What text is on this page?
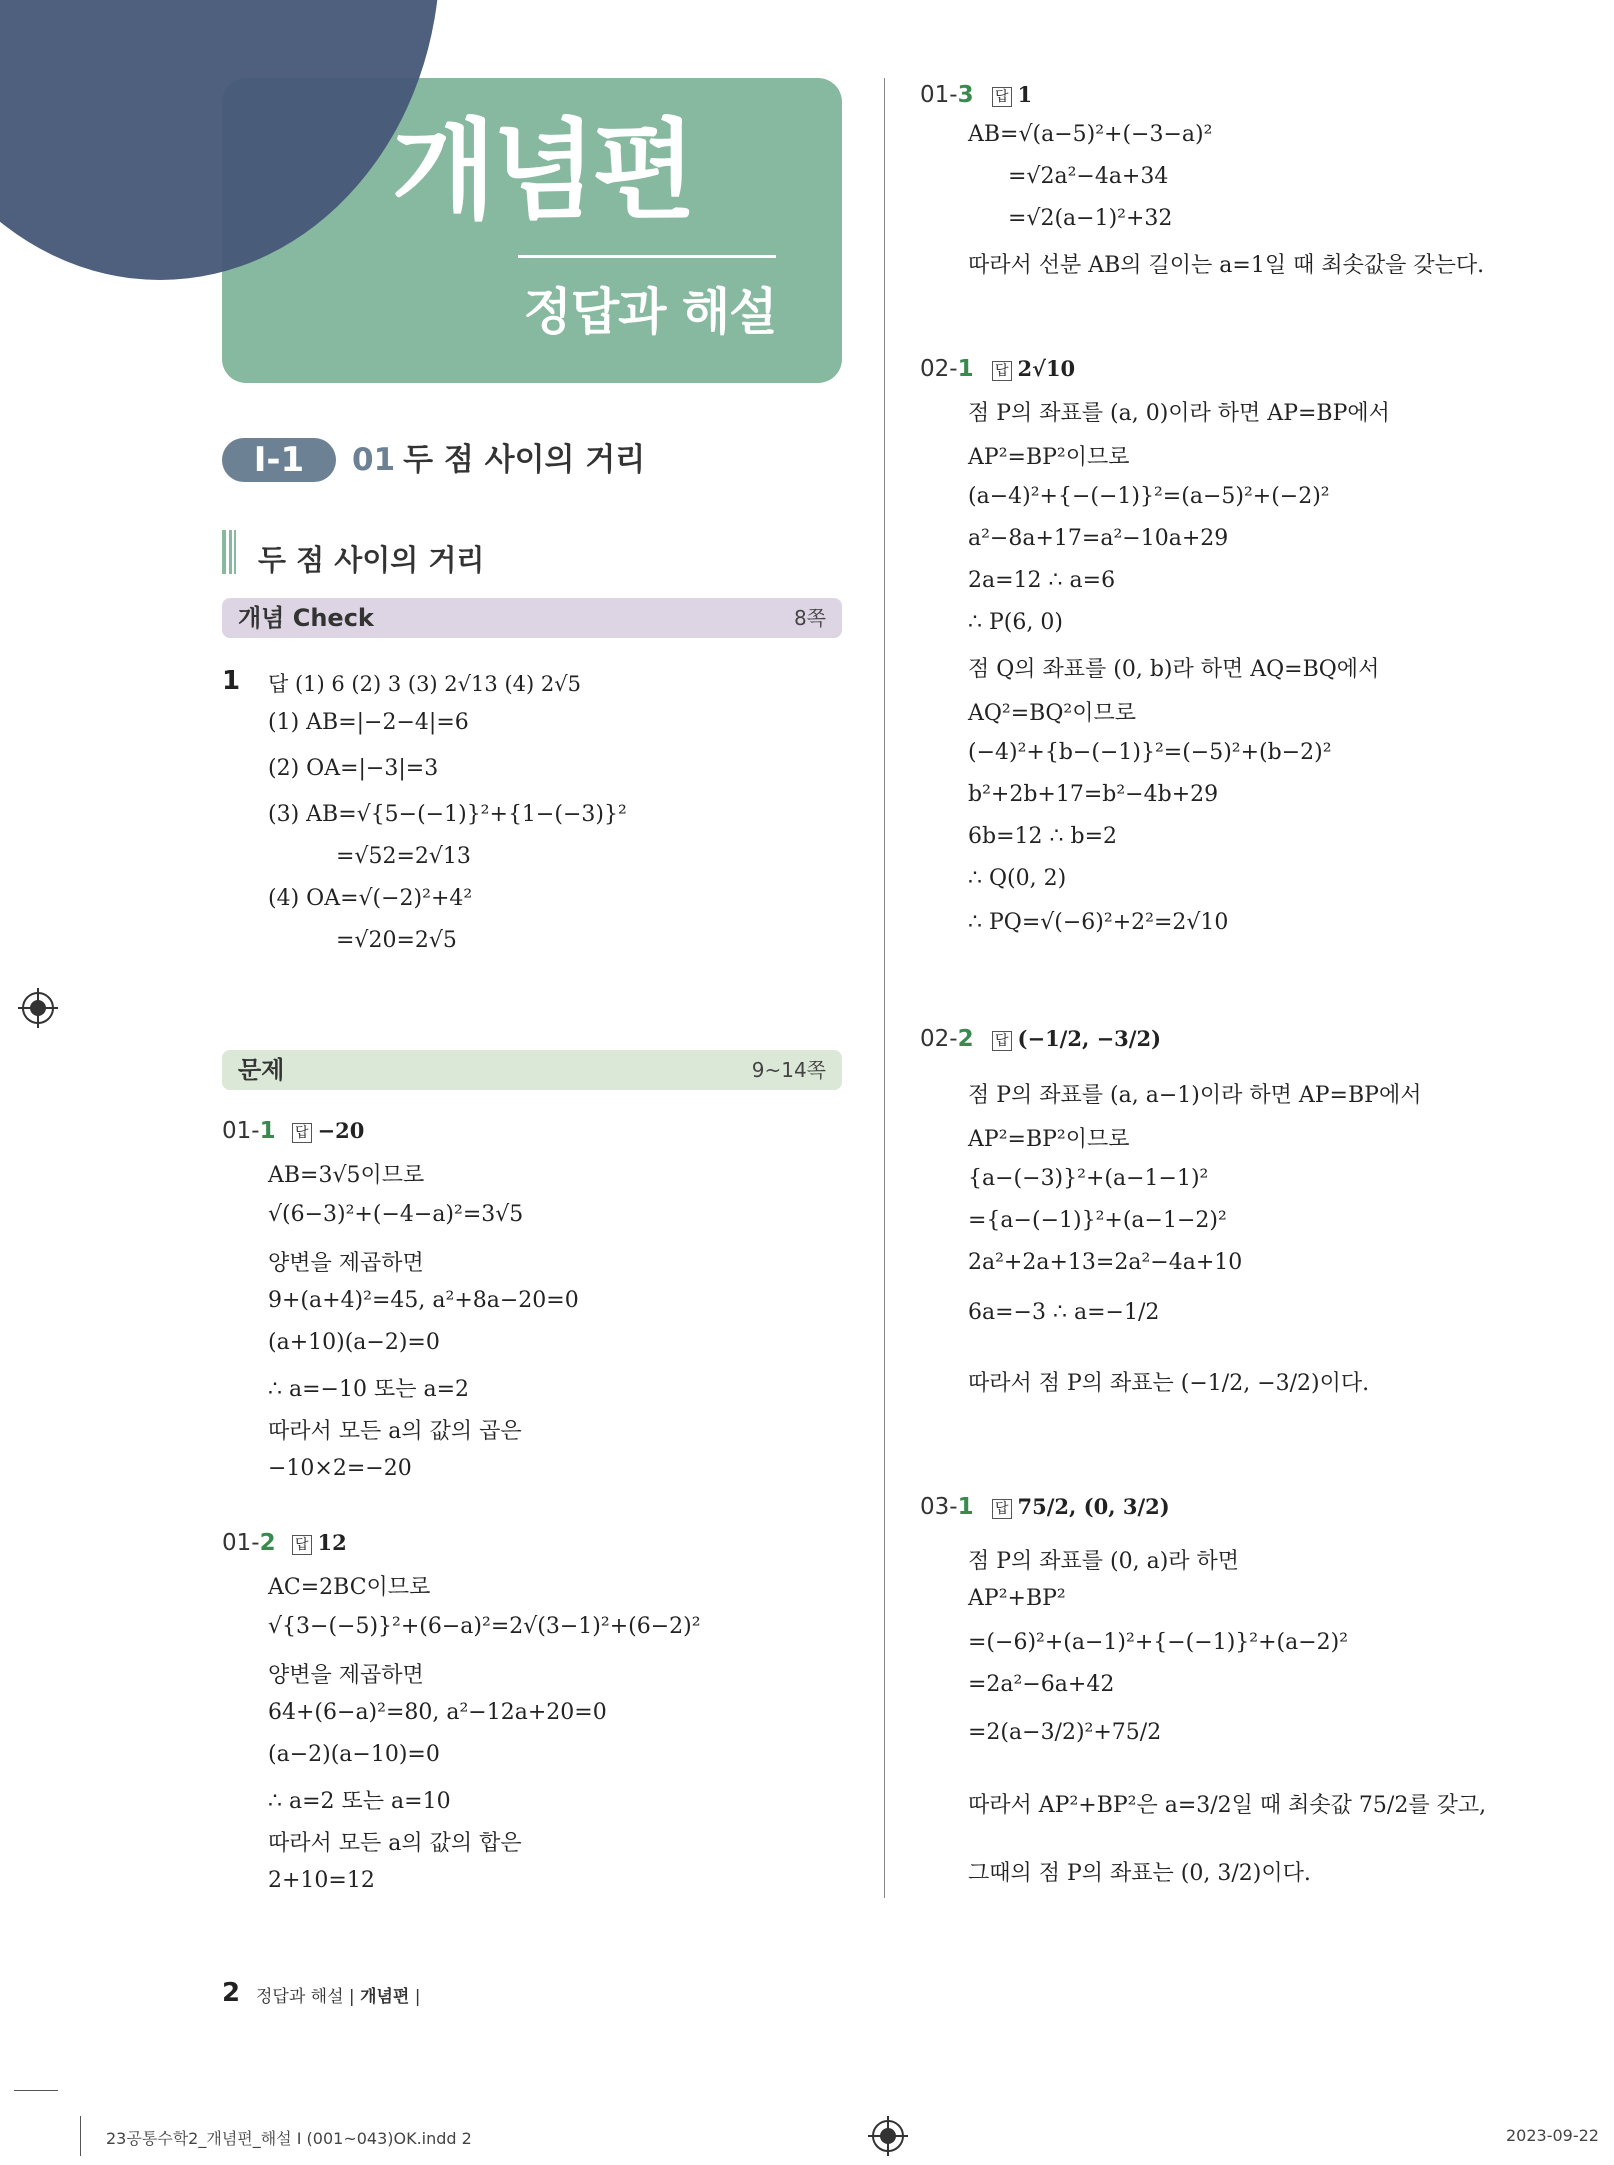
개념편
정답과 해설
I-1	01 두 점 사이의 거리
두 점 사이의 거리
개념 Check	8쪽
1 답 (1) 6 (2) 3 (3) 2√13 (4) 2√5
(1) AB=|−2−4|=6
(2) OA=|−3|=3
(3) AB=√{5−(−1)}²+{1−(−3)}²
=√52=2√13
(4) OA=√(−2)²+4²
=√20=2√5
문제	9~14쪽
01-1 답 −20
AB=3√5이므로
√(6−3)²+(−4−a)²=3√5
양변을 제곱하면
9+(a+4)²=45, a²+8a−20=0
(a+10)(a−2)=0
∴ a=−10 또는 a=2
따라서 모든 a의 값의 곱은
−10×2=−20
01-2 답 12
AC=2BC이므로
√{3−(−5)}²+(6−a)²=2√(3−1)²+(6−2)²
양변을 제곱하면
64+(6−a)²=80, a²−12a+20=0
(a−2)(a−10)=0
∴ a=2 또는 a=10
따라서 모든 a의 값의 합은
2+10=12
01-3 답 1
AB=√(a−5)²+(−3−a)²
=√2a²−4a+34
=√2(a−1)²+32
따라서 선분 AB의 길이는 a=1일 때 최솟값을 갖는다.
02-1 답 2√10
점 P의 좌표를 (a, 0)이라 하면 AP=BP에서
AP²=BP²이므로
(a−4)²+{−(−1)}²=(a−5)²+(−2)²
a²−8a+17=a²−10a+29
2a=12 ∴ a=6
∴ P(6, 0)
점 Q의 좌표를 (0, b)라 하면 AQ=BQ에서
AQ²=BQ²이므로
(−4)²+{b−(−1)}²=(−5)²+(b−2)²
b²+2b+17=b²−4b+29
6b=12 ∴ b=2
∴ Q(0, 2)
∴ PQ=√(−6)²+2²=2√10
02-2 답 (−1/2, −3/2)
점 P의 좌표를 (a, a−1)이라 하면 AP=BP에서
AP²=BP²이므로
{a−(−3)}²+(a−1−1)²
={a−(−1)}²+(a−1−2)²
2a²+2a+13=2a²−4a+10
6a=−3 ∴ a=−1/2
따라서 점 P의 좌표는 (−1/2, −3/2)이다.
03-1 답 75/2, (0, 3/2)
점 P의 좌표를 (0, a)라 하면
AP²+BP²
=(−6)²+(a−1)²+{−(−1)}²+(a−2)²
=2a²−6a+42
=2(a−3/2)²+75/2
따라서 AP²+BP²은 a=3/2일 때 최솟값 75/2를 갖고,
그때의 점 P의 좌표는 (0, 3/2)이다.
2 정답과 해설 | 개념편 |
23공통수학2_개념편_해설 I (001~043)OK.indd 2	2023-09-22
